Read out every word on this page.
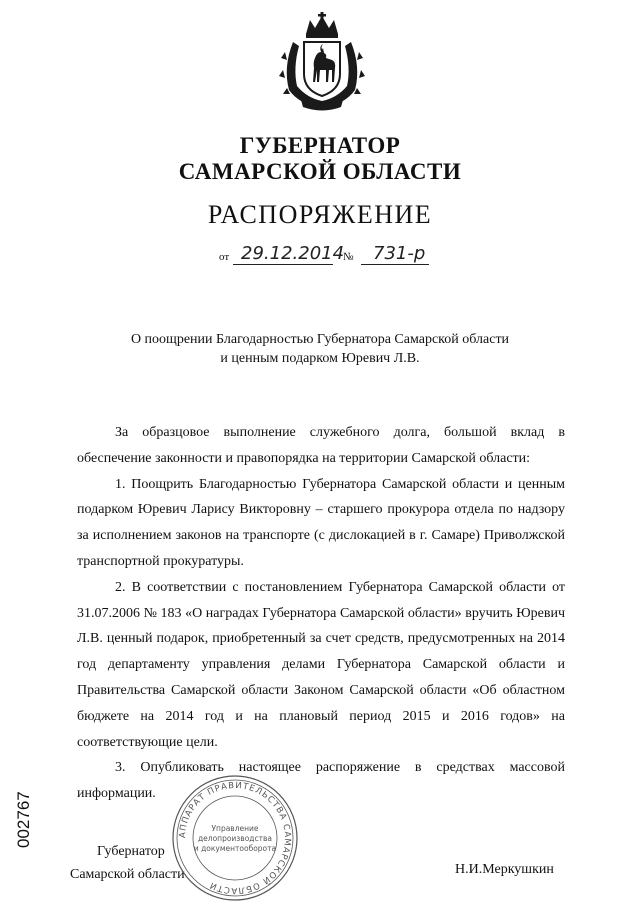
ГУБЕРНАТОР
САМАРСКОЙ ОБЛАСТИ
РАСПОРЯЖЕНИЕ
от 29.12.2014
№ 731-р
О поощрении Благодарностью Губернатора Самарской области
и ценным подарком Юревич Л.В.

За образцовое выполнение служебного долга, большой вклад в обеспечение законности и правопорядка на территории Самарской области:

1. Поощрить Благодарностью Губернатора Самарской области и ценным подарком Юревич Ларису Викторовну – старшего прокурора отдела по надзору за исполнением законов на транспорте (с дислокацией в г. Самаре) Приволжской транспортной прокуратуры.

2. В соответствии с постановлением Губернатора Самарской области от 31.07.2006 № 183 «О наградах Губернатора Самарской области» вручить Юревич Л.В. ценный подарок, приобретенный за счет средств, предусмотренных на 2014 год департаменту управления делами Губернатора Самарской области и Правительства Самарской области Законом Самарской области «Об областном бюджете на 2014 год и на плановый период 2015 и 2016 годов» на соответствующие цели.

3. Опубликовать настоящее распоряжение в средствах массовой информации.

002767
Губернатор
Самарской области	Н.И.Меркушкин
АППАРАТ ПРАВИТЕЛЬСТВА САМАРСКОЙ ОБЛАСТИ
Управление
делопроизводства
и документооборота
